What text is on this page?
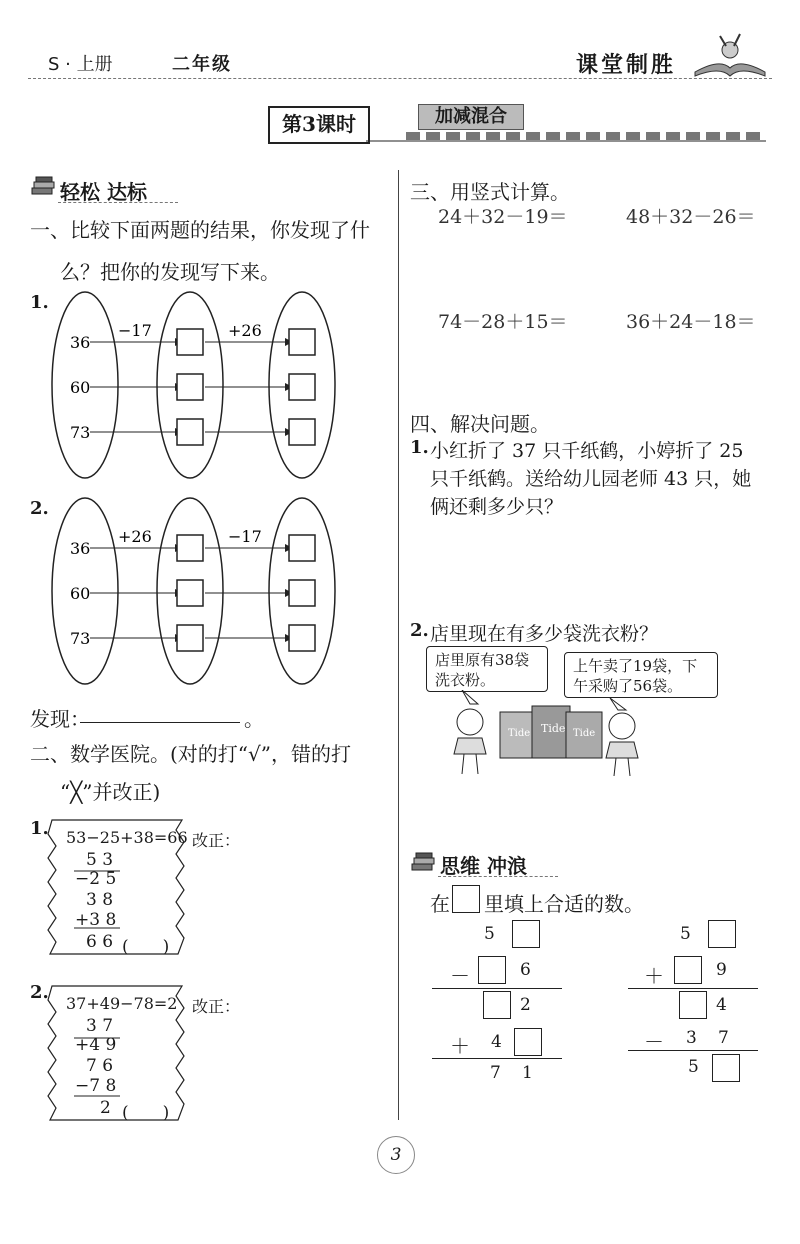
S · 上册	二年级	课堂制胜
第3课时	加减混合
轻松 达标
一、比较下面两题的结果，你发现了什
么？把你的发现写下来。
1.
36
60
73
−17	+26
2.
36
60
73
+26	−17
发现：	。
二、数学医院。(对的打“√”，错的打
“╳”并改正)
1. 53−25+38=66 改正：
5 3
−2 5
3 8
+3 8
6 6 (　　)
2.
37+49−78=2 改正：
3 7
+4 9
7 6
−7 8
2 (　　)
三、用竖式计算。
24＋32－19＝	48＋32－26＝
74－28＋15＝	36＋24－18＝
四、解决问题。
1. 小红折了 37 只千纸鹤，小婷折了 25
只千纸鹤。送给幼儿园老师 43 只，她
俩还剩多少只？
2. 店里现在有多少袋洗衣粉？
店里原有38袋
洗衣粉。
上午卖了19袋，下
午采购了56袋。
Tide Tide Tide
思维 冲浪
在 里填上合适的数。
5
－	6
2
＋ 4
7 1
5
＋	9
4
－ 3 7
5
3
